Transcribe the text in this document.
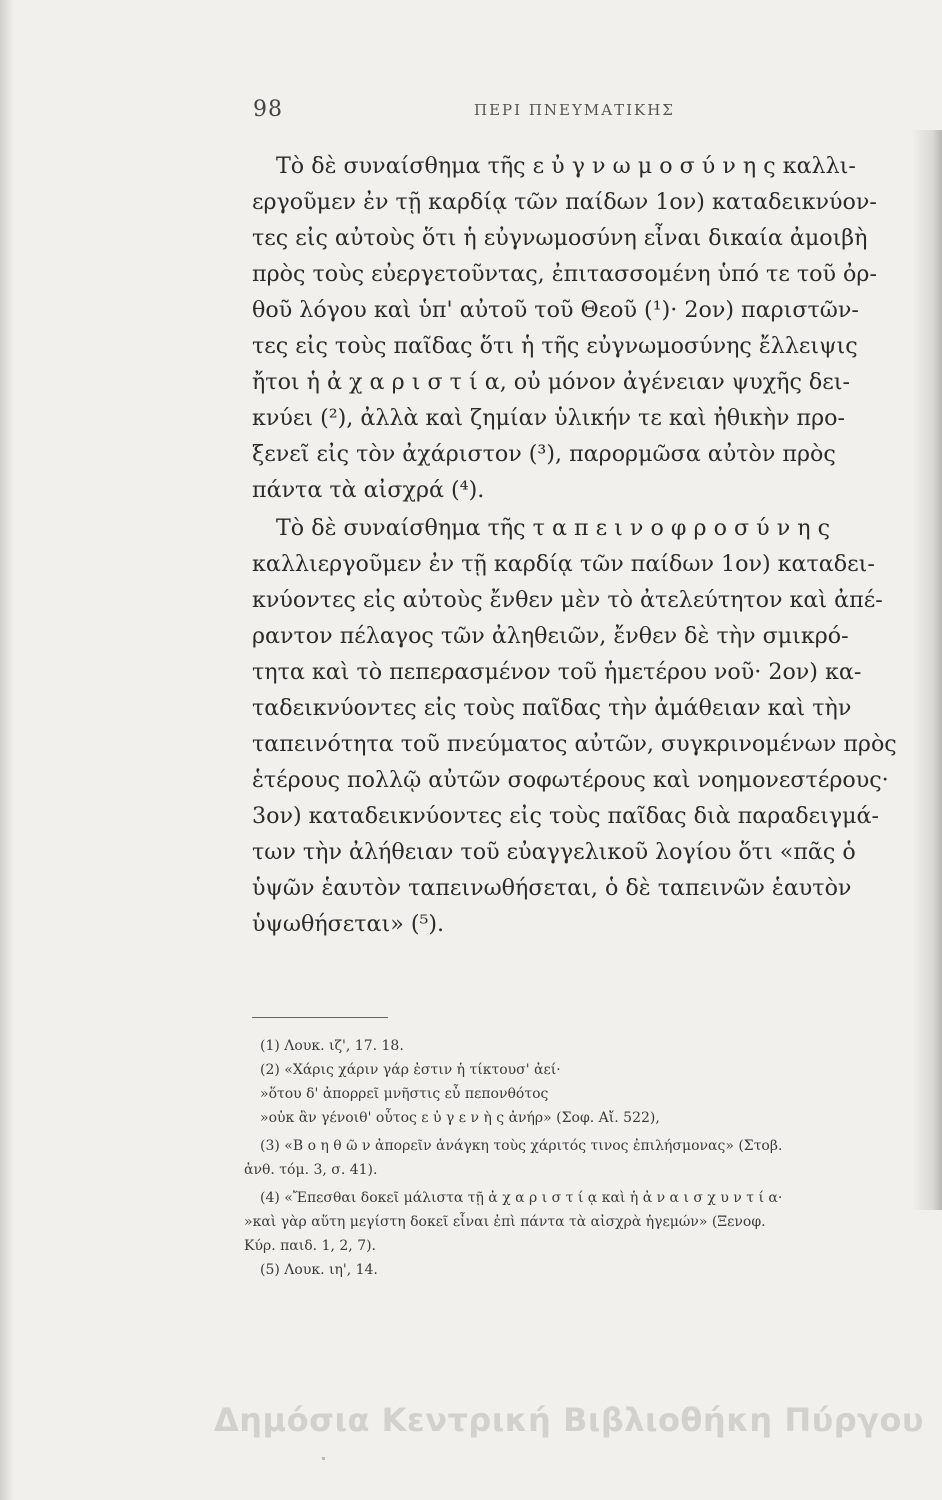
98	ΠΕΡΙ ΠΝΕΥΜΑΤΙΚΗΣ
Τὸ δὲ συναίσθημα τῆς ε ὐ γ ν ω μ ο σ ύ ν η ς καλλι-
εργοῦμεν ἐν τῇ καρδίᾳ τῶν παίδων 1ον) καταδεικνύον-
τες εἰς αὐτοὺς ὅτι ἡ εὐγνωμοσύνη εἶναι δικαία ἀμοιβὴ
πρὸς τοὺς εὐεργετοῦντας, ἐπιτασσομένη ὑπό τε τοῦ ὀρ-
θοῦ λόγου καὶ ὑπ' αὐτοῦ τοῦ Θεοῦ (¹)· 2ον) παριστῶν-
τες εἰς τοὺς παῖδας ὅτι ἡ τῆς εὐγνωμοσύνης ἔλλειψις
ἤτοι ἡ ἀ χ α ρ ι σ τ ί α, οὐ μόνον ἀγένειαν ψυχῆς δει-
κνύει (²), ἀλλὰ καὶ ζημίαν ὑλικήν τε καὶ ἠθικὴν προ-
ξενεῖ εἰς τὸν ἀχάριστον (³), παρορμῶσα αὐτὸν πρὸς
πάντα τὰ αἰσχρά (⁴).
Τὸ δὲ συναίσθημα τῆς τ α π ε ι ν ο φ ρ ο σ ύ ν η ς
καλλιεργοῦμεν ἐν τῇ καρδίᾳ τῶν παίδων 1ον) καταδει-
κνύοντες εἰς αὐτοὺς ἔνθεν μὲν τὸ ἀτελεύτητον καὶ ἀπέ-
ραντον πέλαγος τῶν ἀληθειῶν, ἔνθεν δὲ τὴν σμικρό-
τητα καὶ τὸ πεπερασμένον τοῦ ἡμετέρου νοῦ· 2ον) κα-
ταδεικνύοντες εἰς τοὺς παῖδας τὴν ἀμάθειαν καὶ τὴν
ταπεινότητα τοῦ πνεύματος αὐτῶν, συγκρινομένων πρὸς
ἑτέρους πολλῷ αὐτῶν σοφωτέρους καὶ νοημονεστέρους·
3ον) καταδεικνύοντες εἰς τοὺς παῖδας διὰ παραδειγμά-
των τὴν ἀλήθειαν τοῦ εὐαγγελικοῦ λογίου ὅτι «πᾶς ὁ
ὑψῶν ἑαυτὸν ταπεινωθήσεται, ὁ δὲ ταπεινῶν ἑαυτὸν
ὑψωθήσεται» (⁵).
(1) Λουκ. ιζ', 17. 18.
(2) «Χάρις χάριν γάρ ἐστιν ἡ τίκτουσ' ἀεί·
»ὅτου δ' ἀπορρεῖ μνῆστις εὖ πεπονθότος
»οὐκ ἂν γένοιθ' οὗτος ε ὐ γ ε ν ὴ ς ἀνήρ» (Σοφ. Αἴ. 522),
(3) «Β ο η θ ῶ ν ἀπορεῖν ἀνάγκη τοὺς χάριτός τινος ἐπιλήσμονας» (Στοβ.
ἀνθ. τόμ. 3, σ. 41).
(4) «Ἔπεσθαι δοκεῖ μάλιστα τῇ ἀ χ α ρ ι σ τ ί ᾳ καὶ ἡ ἀ ν α ι σ χ υ ν τ ί α·
»καὶ γὰρ αὕτη μεγίστη δοκεῖ εἶναι ἐπὶ πάντα τὰ αἰσχρὰ ἡγεμών» (Ξενοφ.
Κύρ. παιδ. 1, 2, 7).
(5) Λουκ. ιη', 14.
Δημόσια Κεντρική Βιβλιοθήκη Πύργου
